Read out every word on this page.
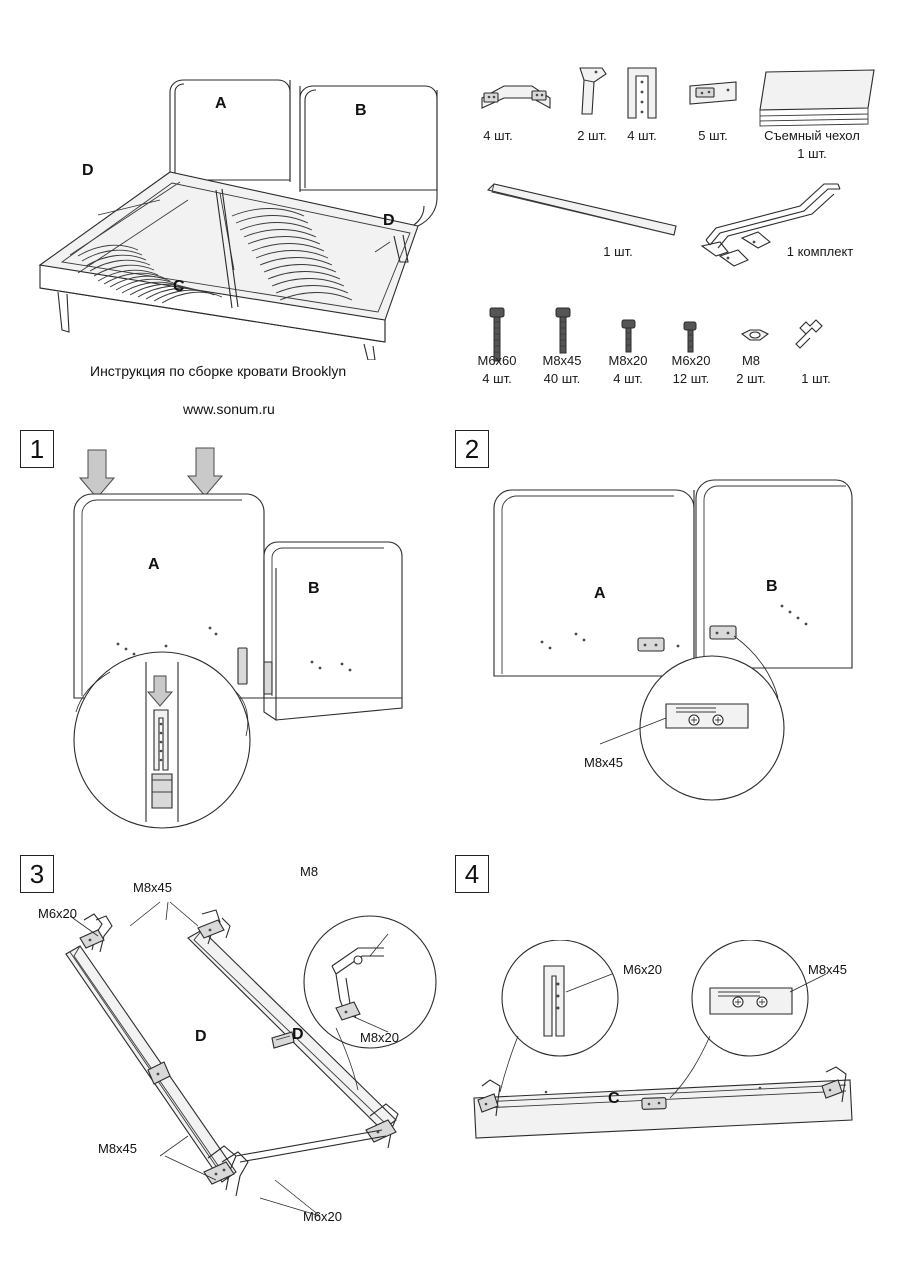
A	B
C
D
D
Инструкция по сборке кровати Brooklyn
www.sonum.ru
4 шт.	2 шт.	4 шт.	5 шт.	Съемный чехол
1 шт.
1 шт.	1 комплект
M6x60
4 шт.
M8x45
40 шт.
M8x20
4 шт.
M6x20
12 шт.
M8
2 шт.	1 шт.
1
A
B
2
A	B
M8x45
3	M8x45
M6x20
M8
M8x20
M8x45
M6x20
D	D
4
M6x20	M8x45
C
